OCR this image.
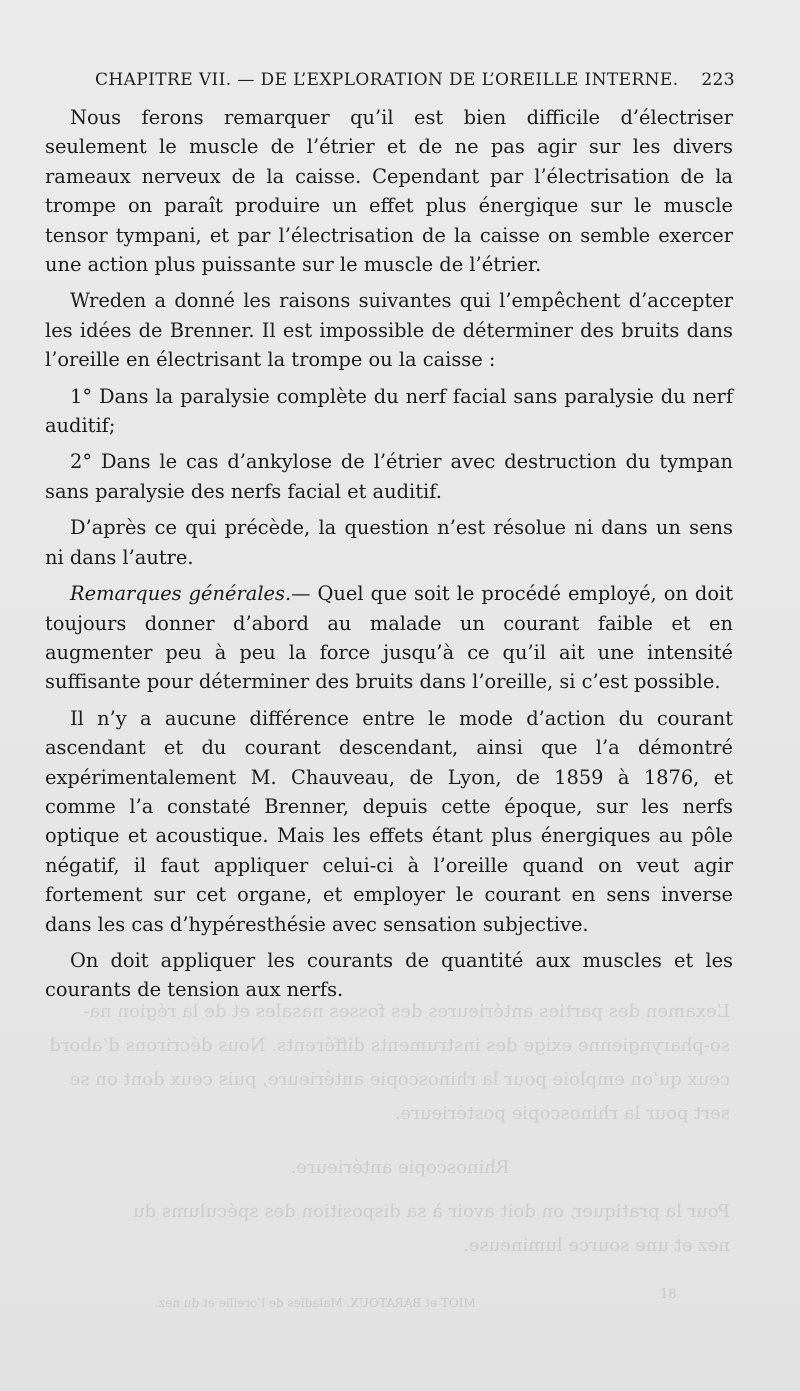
CHAPITRE VII. — DE L’EXPLORATION DE L’OREILLE INTERNE. 223

Nous ferons remarquer qu’il est bien difficile d’électriser seulement le muscle de l’étrier et de ne pas agir sur les divers rameaux nerveux de la caisse. Cependant par l’électrisation de la trompe on paraît produire un effet plus énergique sur le muscle tensor tympani, et par l’électrisation de la caisse on semble exercer une action plus puissante sur le muscle de l’étrier.

Wreden a donné les raisons suivantes qui l’empêchent d’accepter les idées de Brenner. Il est impossible de déterminer des bruits dans l’oreille en électrisant la trompe ou la caisse :

1° Dans la paralysie complète du nerf facial sans paralysie du nerf auditif;

2° Dans le cas d’ankylose de l’étrier avec destruction du tympan sans paralysie des nerfs facial et auditif.

D’après ce qui précède, la question n’est résolue ni dans un sens ni dans l’autre.

Remarques générales.— Quel que soit le procédé employé, on doit toujours donner d’abord au malade un courant faible et en augmenter peu à peu la force jusqu’à ce qu’il ait une intensité suffisante pour déterminer des bruits dans l’oreille, si c’est possible.

Il n’y a aucune différence entre le mode d’action du courant ascendant et du courant descendant, ainsi que l’a démontré expérimentalement M. Chauveau, de Lyon, de 1859 à 1876, et comme l’a constaté Brenner, depuis cette époque, sur les nerfs optique et acoustique. Mais les effets étant plus énergiques au pôle négatif, il faut appliquer celui-ci à l’oreille quand on veut agir fortement sur cet organe, et employer le courant en sens inverse dans les cas d’hypéresthésie avec sensation subjective.

On doit appliquer les courants de quantité aux muscles et les courants de tension aux nerfs.

L’examen des parties antérieures des fosses nasales et de la région na-
so-pharyngienne exige des instruments différents. Nous décrirons d’abord
ceux qu’on emploie pour la rhinoscopie antérieure, puis ceux dont on se
sert pour la rhinoscopie postérieure.
Rhinoscopie antérieure.
Pour la pratiquer, on doit avoir à sa disposition des spéculums du
nez et une source lumineuse.
MIOT et BARATOUX. Maladies de l’oreille et du nez.
18
